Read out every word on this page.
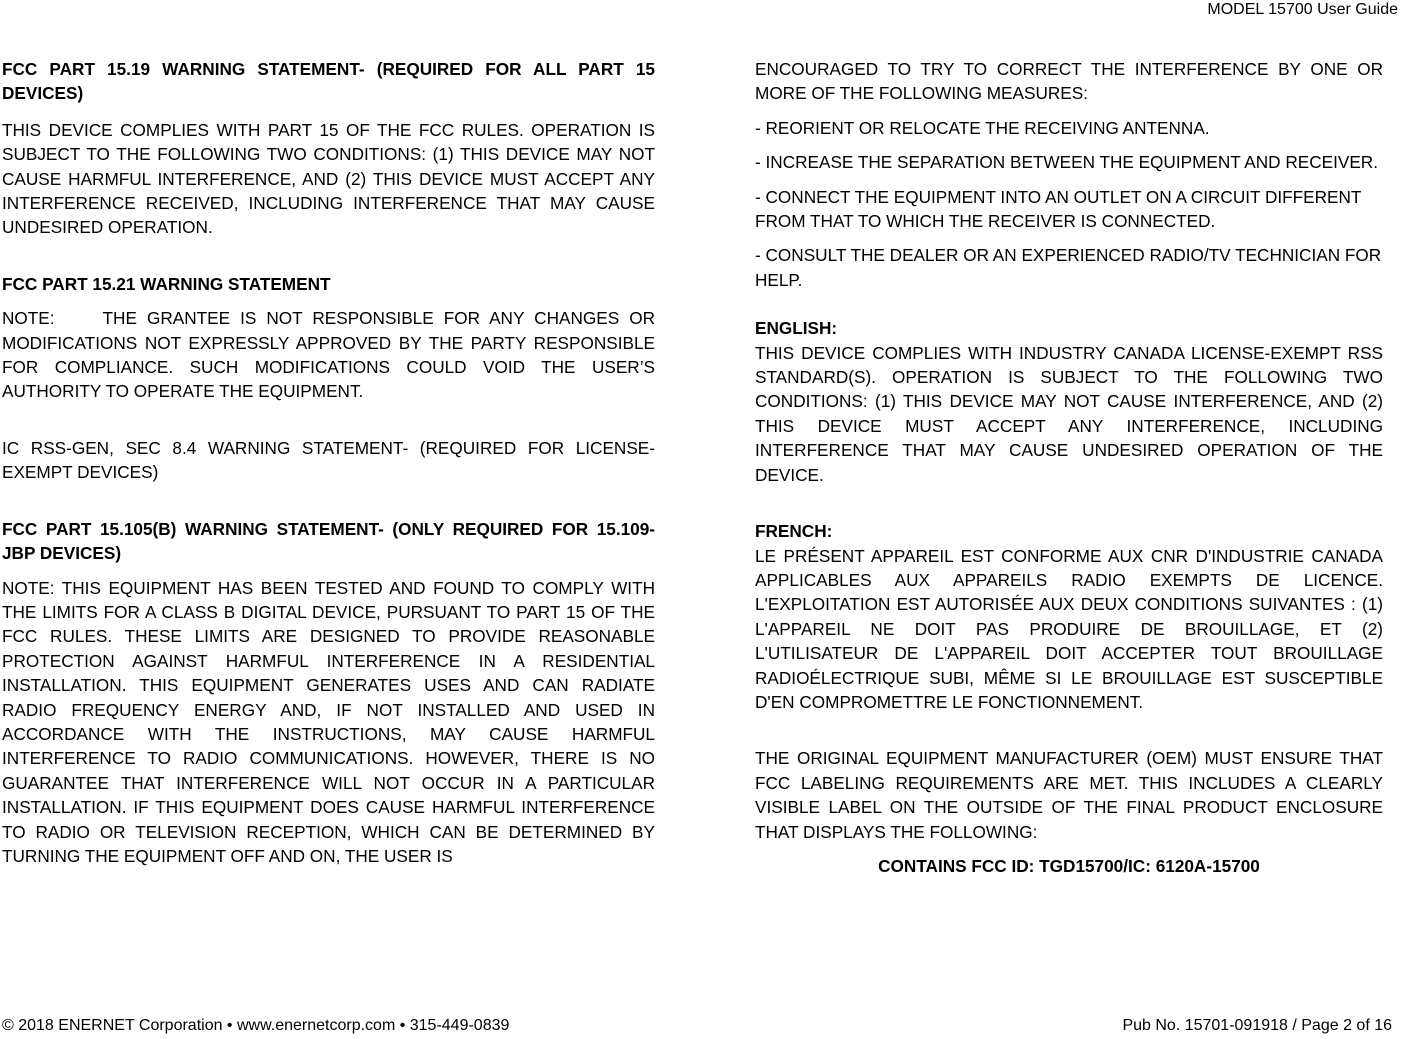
MODEL 15700 User Guide

FCC PART 15.19 WARNING STATEMENT- (REQUIRED FOR ALL PART 15 DEVICES)

THIS DEVICE COMPLIES WITH PART 15 OF THE FCC RULES. OPERATION IS SUBJECT TO THE FOLLOWING TWO CONDITIONS: (1) THIS DEVICE MAY NOT CAUSE HARMFUL INTERFERENCE, AND (2) THIS DEVICE MUST ACCEPT ANY INTERFERENCE RECEIVED, INCLUDING INTERFERENCE THAT MAY CAUSE UNDESIRED OPERATION.

FCC PART 15.21 WARNING STATEMENT

NOTE:	THE GRANTEE IS NOT RESPONSIBLE FOR ANY CHANGES OR MODIFICATIONS NOT EXPRESSLY APPROVED BY THE PARTY RESPONSIBLE FOR COMPLIANCE. SUCH MODIFICATIONS COULD VOID THE USER’S AUTHORITY TO OPERATE THE EQUIPMENT.

IC RSS-GEN, SEC 8.4 WARNING STATEMENT- (REQUIRED FOR LICENSE-EXEMPT DEVICES)

FCC PART 15.105(B) WARNING STATEMENT- (ONLY REQUIRED FOR 15.109-JBP DEVICES)

NOTE: THIS EQUIPMENT HAS BEEN TESTED AND FOUND TO COMPLY WITH THE LIMITS FOR A CLASS B DIGITAL DEVICE, PURSUANT TO PART 15 OF THE FCC RULES. THESE LIMITS ARE DESIGNED TO PROVIDE REASONABLE PROTECTION AGAINST HARMFUL INTERFERENCE IN A RESIDENTIAL INSTALLATION. THIS EQUIPMENT GENERATES USES AND CAN RADIATE RADIO FREQUENCY ENERGY AND, IF NOT INSTALLED AND USED IN ACCORDANCE WITH THE INSTRUCTIONS, MAY CAUSE HARMFUL INTERFERENCE TO RADIO COMMUNICATIONS. HOWEVER, THERE IS NO GUARANTEE THAT INTERFERENCE WILL NOT OCCUR IN A PARTICULAR INSTALLATION. IF THIS EQUIPMENT DOES CAUSE HARMFUL INTERFERENCE TO RADIO OR TELEVISION RECEPTION, WHICH CAN BE DETERMINED BY TURNING THE EQUIPMENT OFF AND ON, THE USER IS

ENCOURAGED TO TRY TO CORRECT THE INTERFERENCE BY ONE OR MORE OF THE FOLLOWING MEASURES:

- REORIENT OR RELOCATE THE RECEIVING ANTENNA.

- INCREASE THE SEPARATION BETWEEN THE EQUIPMENT AND RECEIVER.

- CONNECT THE EQUIPMENT INTO AN OUTLET ON A CIRCUIT DIFFERENT FROM THAT TO WHICH THE RECEIVER IS CONNECTED.

- CONSULT THE DEALER OR AN EXPERIENCED RADIO/TV TECHNICIAN FOR HELP.

ENGLISH:

THIS DEVICE COMPLIES WITH INDUSTRY CANADA LICENSE-EXEMPT RSS STANDARD(S). OPERATION IS SUBJECT TO THE FOLLOWING TWO CONDITIONS: (1) THIS DEVICE MAY NOT CAUSE INTERFERENCE, AND (2) THIS DEVICE MUST ACCEPT ANY INTERFERENCE, INCLUDING INTERFERENCE THAT MAY CAUSE UNDESIRED OPERATION OF THE DEVICE.

FRENCH:

LE PRÉSENT APPAREIL EST CONFORME AUX CNR D'INDUSTRIE CANADA APPLICABLES AUX APPAREILS RADIO EXEMPTS DE LICENCE. L'EXPLOITATION EST AUTORISÉE AUX DEUX CONDITIONS SUIVANTES : (1) L'APPAREIL NE DOIT PAS PRODUIRE DE BROUILLAGE, ET (2) L'UTILISATEUR DE L'APPAREIL DOIT ACCEPTER TOUT BROUILLAGE RADIOÉLECTRIQUE SUBI, MÊME SI LE BROUILLAGE EST SUSCEPTIBLE D'EN COMPROMETTRE LE FONCTIONNEMENT.

THE ORIGINAL EQUIPMENT MANUFACTURER (OEM) MUST ENSURE THAT FCC LABELING REQUIREMENTS ARE MET. THIS INCLUDES A CLEARLY VISIBLE LABEL ON THE OUTSIDE OF THE FINAL PRODUCT ENCLOSURE THAT DISPLAYS THE FOLLOWING:

CONTAINS FCC ID: TGD15700/IC: 6120A-15700

© 2018 ENERNET Corporation • www.enernetcorp.com • 315-449-0839	Pub No. 15701-091918 / Page 2 of 16
